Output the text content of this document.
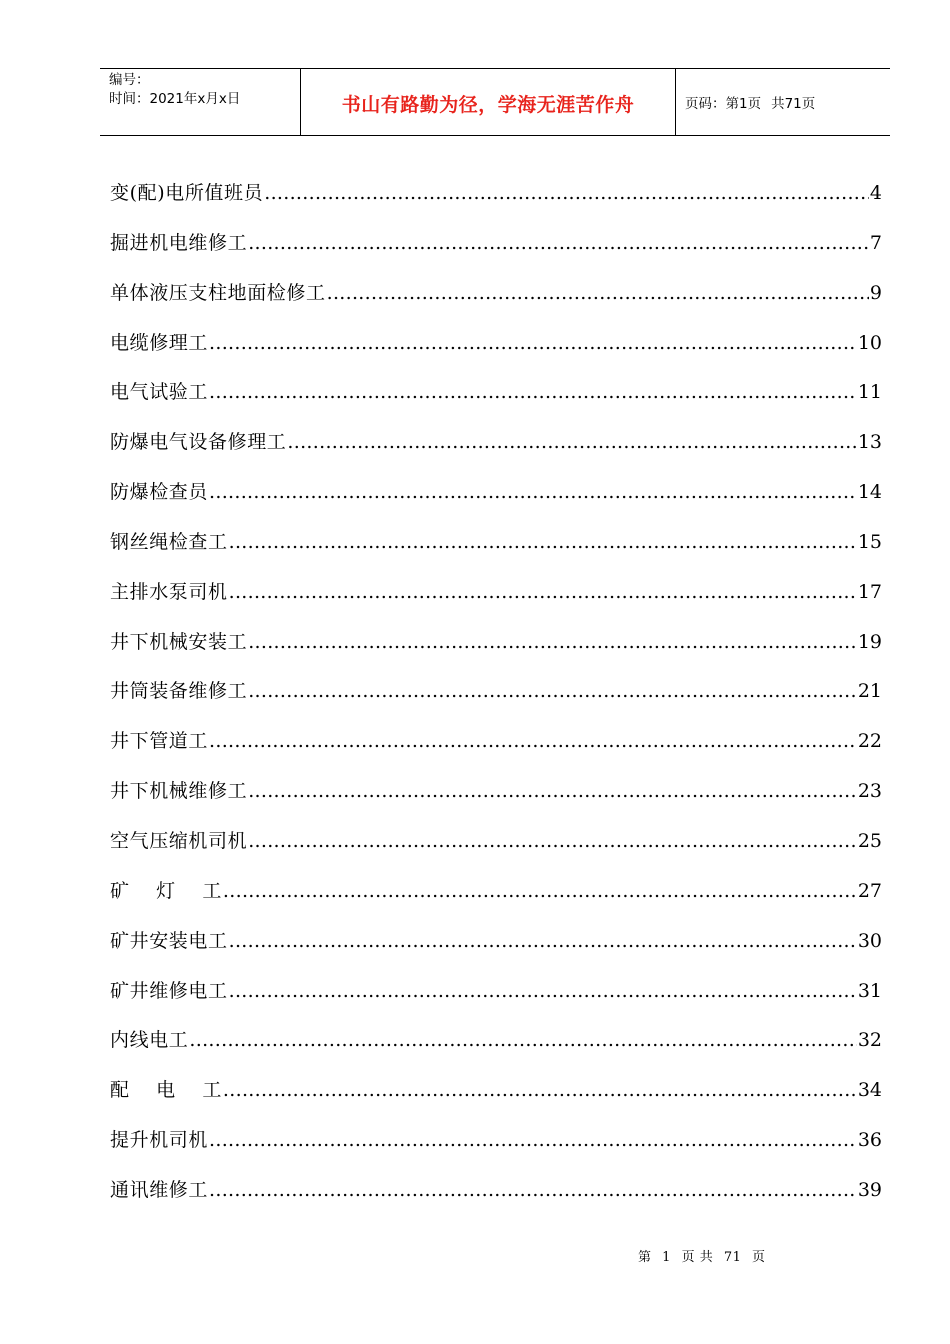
编号：
时间：2021年x月x日	书山有路勤为径，学海无涯苦作舟	页码：第1页 共71页
变(配)电所值班员 .....	4
掘进机电维修工 .....	7
单体液压支柱地面检修工 .....	9
电缆修理工 .....	10
电气试验工 .....	11
防爆电气设备修理工 .....	13
防爆检查员 .....	14
钢丝绳检查工 .....	15
主排水泵司机 .....	17
井下机械安装工 .....	19
井筒装备维修工 .....	21
井下管道工 .....	22
井下机械维修工 .....	23
空气压缩机司机 .....	25
矿    灯    工 .....	27
矿井安装电工 .....	30
矿井维修电工 .....	31
内线电工 .....	32
配    电    工 .....	34
提升机司机 .....	36
通讯维修工 .....	39
第 1 页 共 71 页
